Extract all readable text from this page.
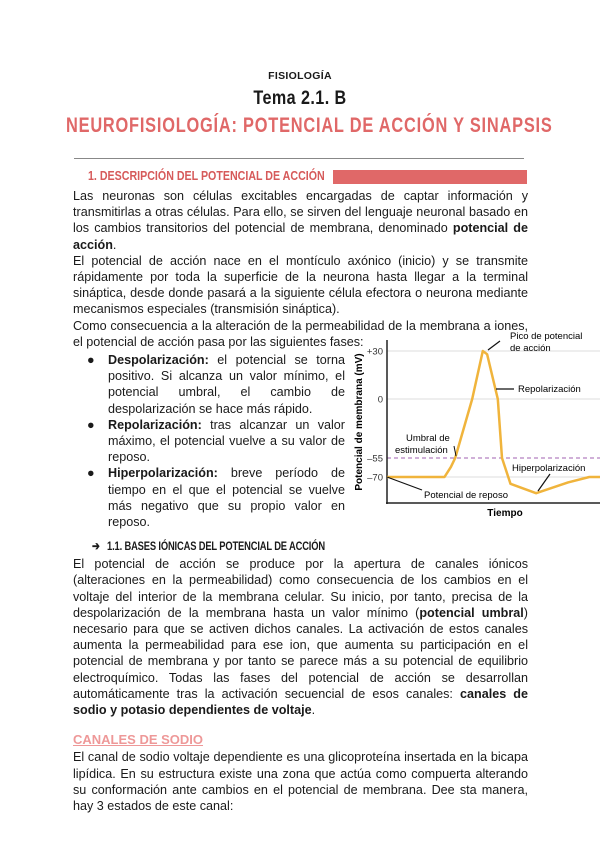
FISIOLOGÍA
Tema 2.1. B
NEUROFISIOLOGÍA: POTENCIAL DE ACCIÓN Y SINAPSIS
1. DESCRIPCIÓN DEL POTENCIAL DE ACCIÓN

Las neuronas son células excitables encargadas de captar información y transmitirlas a otras células. Para ello, se sirven del lenguaje neuronal basado en los cambios transitorios del potencial de membrana, denominado potencial de acción.

El potencial de acción nace en el montículo axónico (inicio) y se transmite rápidamente por toda la superficie de la neurona hasta llegar a la terminal sináptica, desde donde pasará a la siguiente célula efectora o neurona mediante mecanismos especiales (transmisión sináptica).

Como consecuencia a la alteración de la permeabilidad de la membrana a iones, el potencial de acción pasa por las siguientes fases:

● Despolarización: el potencial se torna positivo. Si alcanza un valor mínimo, el potencial umbral, el cambio de despolarización se hace más rápido.
● Repolarización: tras alcanzar un valor máximo, el potencial vuelve a su valor de reposo.
● Hiperpolarización: breve período de tiempo en el que el potencial se vuelve más negativo que su propio valor en reposo.
➔ 1.1. BASES IÓNICAS DEL POTENCIAL DE ACCIÓN

El potencial de acción se produce por la apertura de canales iónicos (alteraciones en la permeabilidad) como consecuencia de los cambios en el voltaje del interior de la membrana celular. Su inicio, por tanto, precisa de la despolarización de la membrana hasta un valor mínimo (potencial umbral) necesario para que se activen dichos canales. La activación de estos canales aumenta la permeabilidad para ese ion, que aumenta su participación en el potencial de membrana y por tanto se parece más a su potencial de equilibrio electroquímico. Todas las fases del potencial de acción se desarrollan automáticamente tras la activación secuencial de esos canales: canales de sodio y potasio dependientes de voltaje.

CANALES DE SODIO

El canal de sodio voltaje dependiente es una glicoproteína insertada en la bicapa lipídica. En su estructura existe una zona que actúa como compuerta alterando su conformación ante cambios en el potencial de membrana. Dee sta manera, hay 3 estados de este canal:

+30
0
–55
–70
Potencial de membrana (mV)
Tiempo
Pico de potencial
de acción
Repolarización
Umbral de
estimulación
Hiperpolarización
Potencial de reposo
